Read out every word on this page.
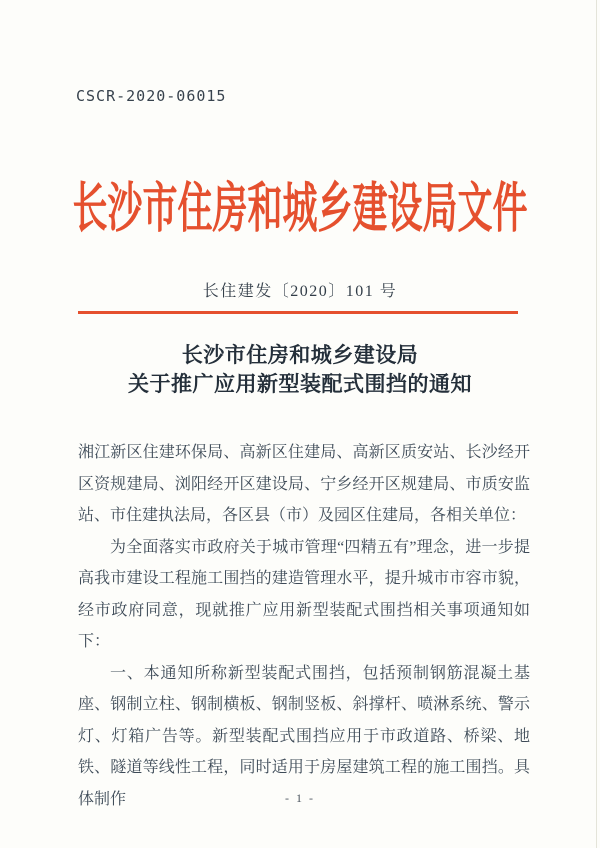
CSCR-2020-06015
长沙市住房和城乡建设局文件
长住建发〔2020〕101 号
长沙市住房和城乡建设局
关于推广应用新型装配式围挡的通知

湘江新区住建环保局、高新区住建局、高新区质安站、长沙经开区资规建局、浏阳经开区建设局、宁乡经开区规建局、市质安监站、市住建执法局，各区县（市）及园区住建局，各相关单位：

为全面落实市政府关于城市管理“四精五有”理念，进一步提高我市建设工程施工围挡的建造管理水平，提升城市市容市貌，经市政府同意，现就推广应用新型装配式围挡相关事项通知如下：

一、本通知所称新型装配式围挡，包括预制钢筋混凝土基座、钢制立柱、钢制横板、钢制竖板、斜撑杆、喷淋系统、警示灯、灯箱广告等。新型装配式围挡应用于市政道路、桥梁、地铁、隧道等线性工程，同时适用于房屋建筑工程的施工围挡。具体制作	- 1 -
